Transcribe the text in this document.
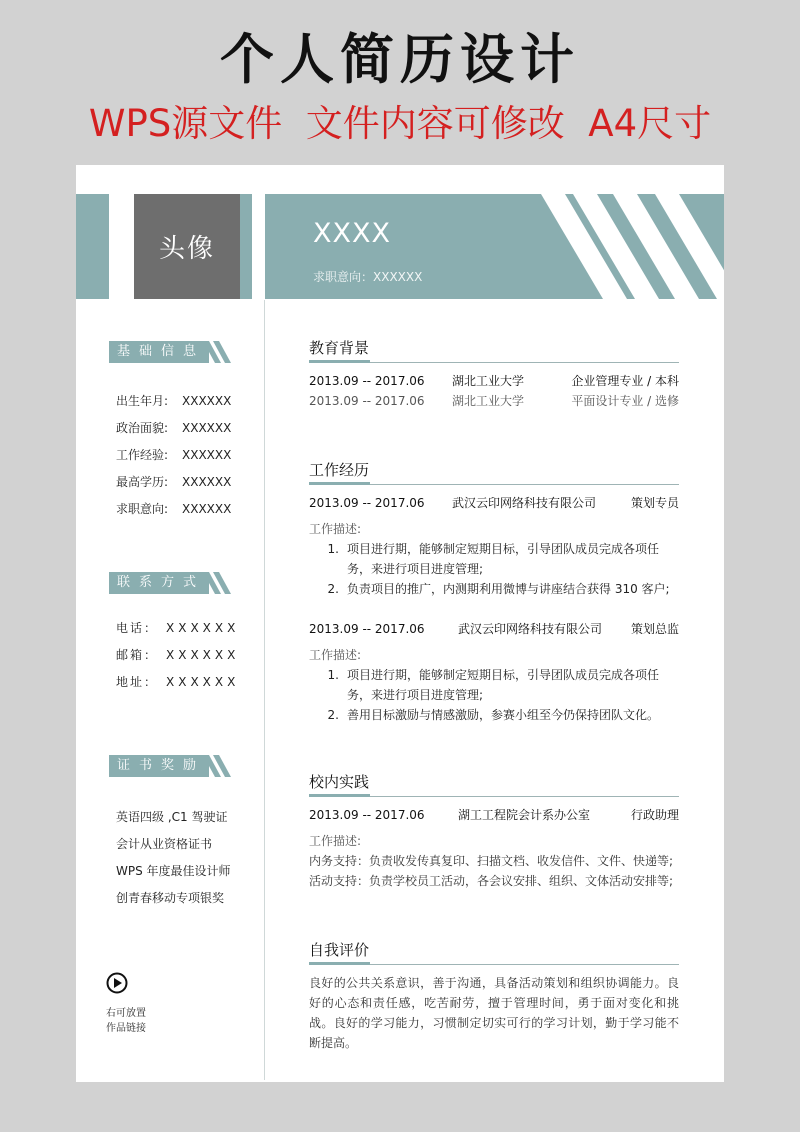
个人简历设计
WPS源文件  文件内容可修改  A4尺寸
头像	XXXX
求职意向：XXXXXX
基础信息
出生年月:	XXXXXX
政治面貌:	XXXXXX
工作经验:	XXXXXX
最高学历:	XXXXXX
求职意向:	XXXXXX
联系方式
电话： XXXXXX
邮箱： XXXXXX
地址： XXXXXX
证书奖励
英语四级 ,C1 驾驶证
会计从业资格证书
WPS 年度最佳设计师
创青春移动专项银奖
右可放置
作品链接
教育背景
2013.09 -- 2017.06	湖北工业大学	企业管理专业 / 本科
2013.09 -- 2017.06	湖北工业大学	平面设计专业 / 选修
工作经历
2013.09 -- 2017.06	武汉云印网络科技有限公司	策划专员
工作描述:
1. 项目进行期，能够制定短期目标，引导团队成员完成各项任务，来进行项目进度管理;
2. 负责项目的推广，内测期利用微博与讲座结合获得 310 客户;
2013.09 -- 2017.06	武汉云印网络科技有限公司	策划总监
工作描述:
1. 项目进行期，能够制定短期目标，引导团队成员完成各项任务，来进行项目进度管理;
2. 善用目标激励与情感激励，参赛小组至今仍保持团队文化。
校内实践
2013.09 -- 2017.06	湖工工程院会计系办公室	行政助理
工作描述:
内务支持：负责收发传真复印、扫描文档、收发信件、文件、快递等;
活动支持：负责学校员工活动，各会议安排、组织、文体活动安排等;
自我评价
良好的公共关系意识，善于沟通，具备活动策划和组织协调能力。良好的心态和责任感，吃苦耐劳，擅于管理时间，勇于面对变化和挑战。良好的学习能力，习惯制定切实可行的学习计划，勤于学习能不断提高。
